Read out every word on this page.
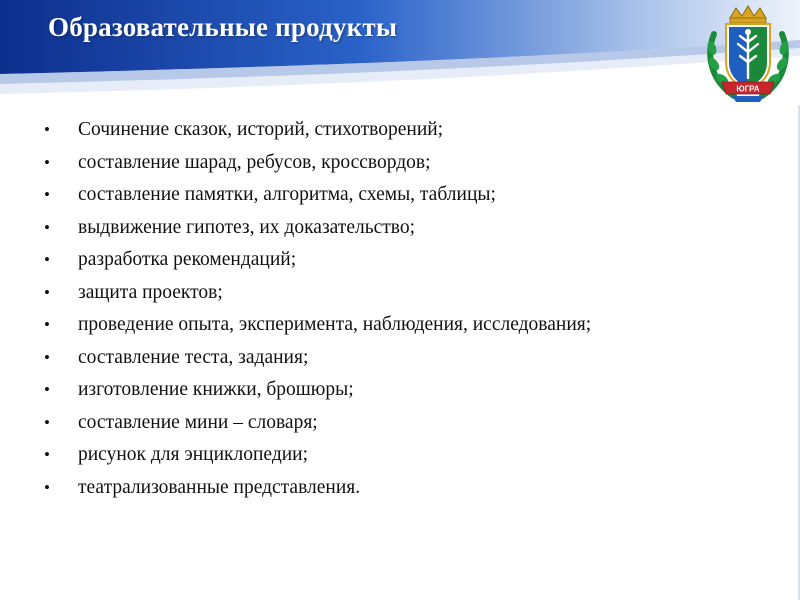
Образовательные продукты
ЮГРА
•	Сочинение сказок, историй, стихотворений;
•	составление шарад, ребусов, кроссвордов;
•	составление памятки, алгоритма, схемы, таблицы;
•	выдвижение гипотез, их доказательство;
•	разработка рекомендаций;
•	защита проектов;
•	проведение опыта, эксперимента, наблюдения, исследования;
•	составление теста, задания;
•	изготовление книжки, брошюры;
•	составление мини – словаря;
•	рисунок для энциклопедии;
•	театрализованные представления.
